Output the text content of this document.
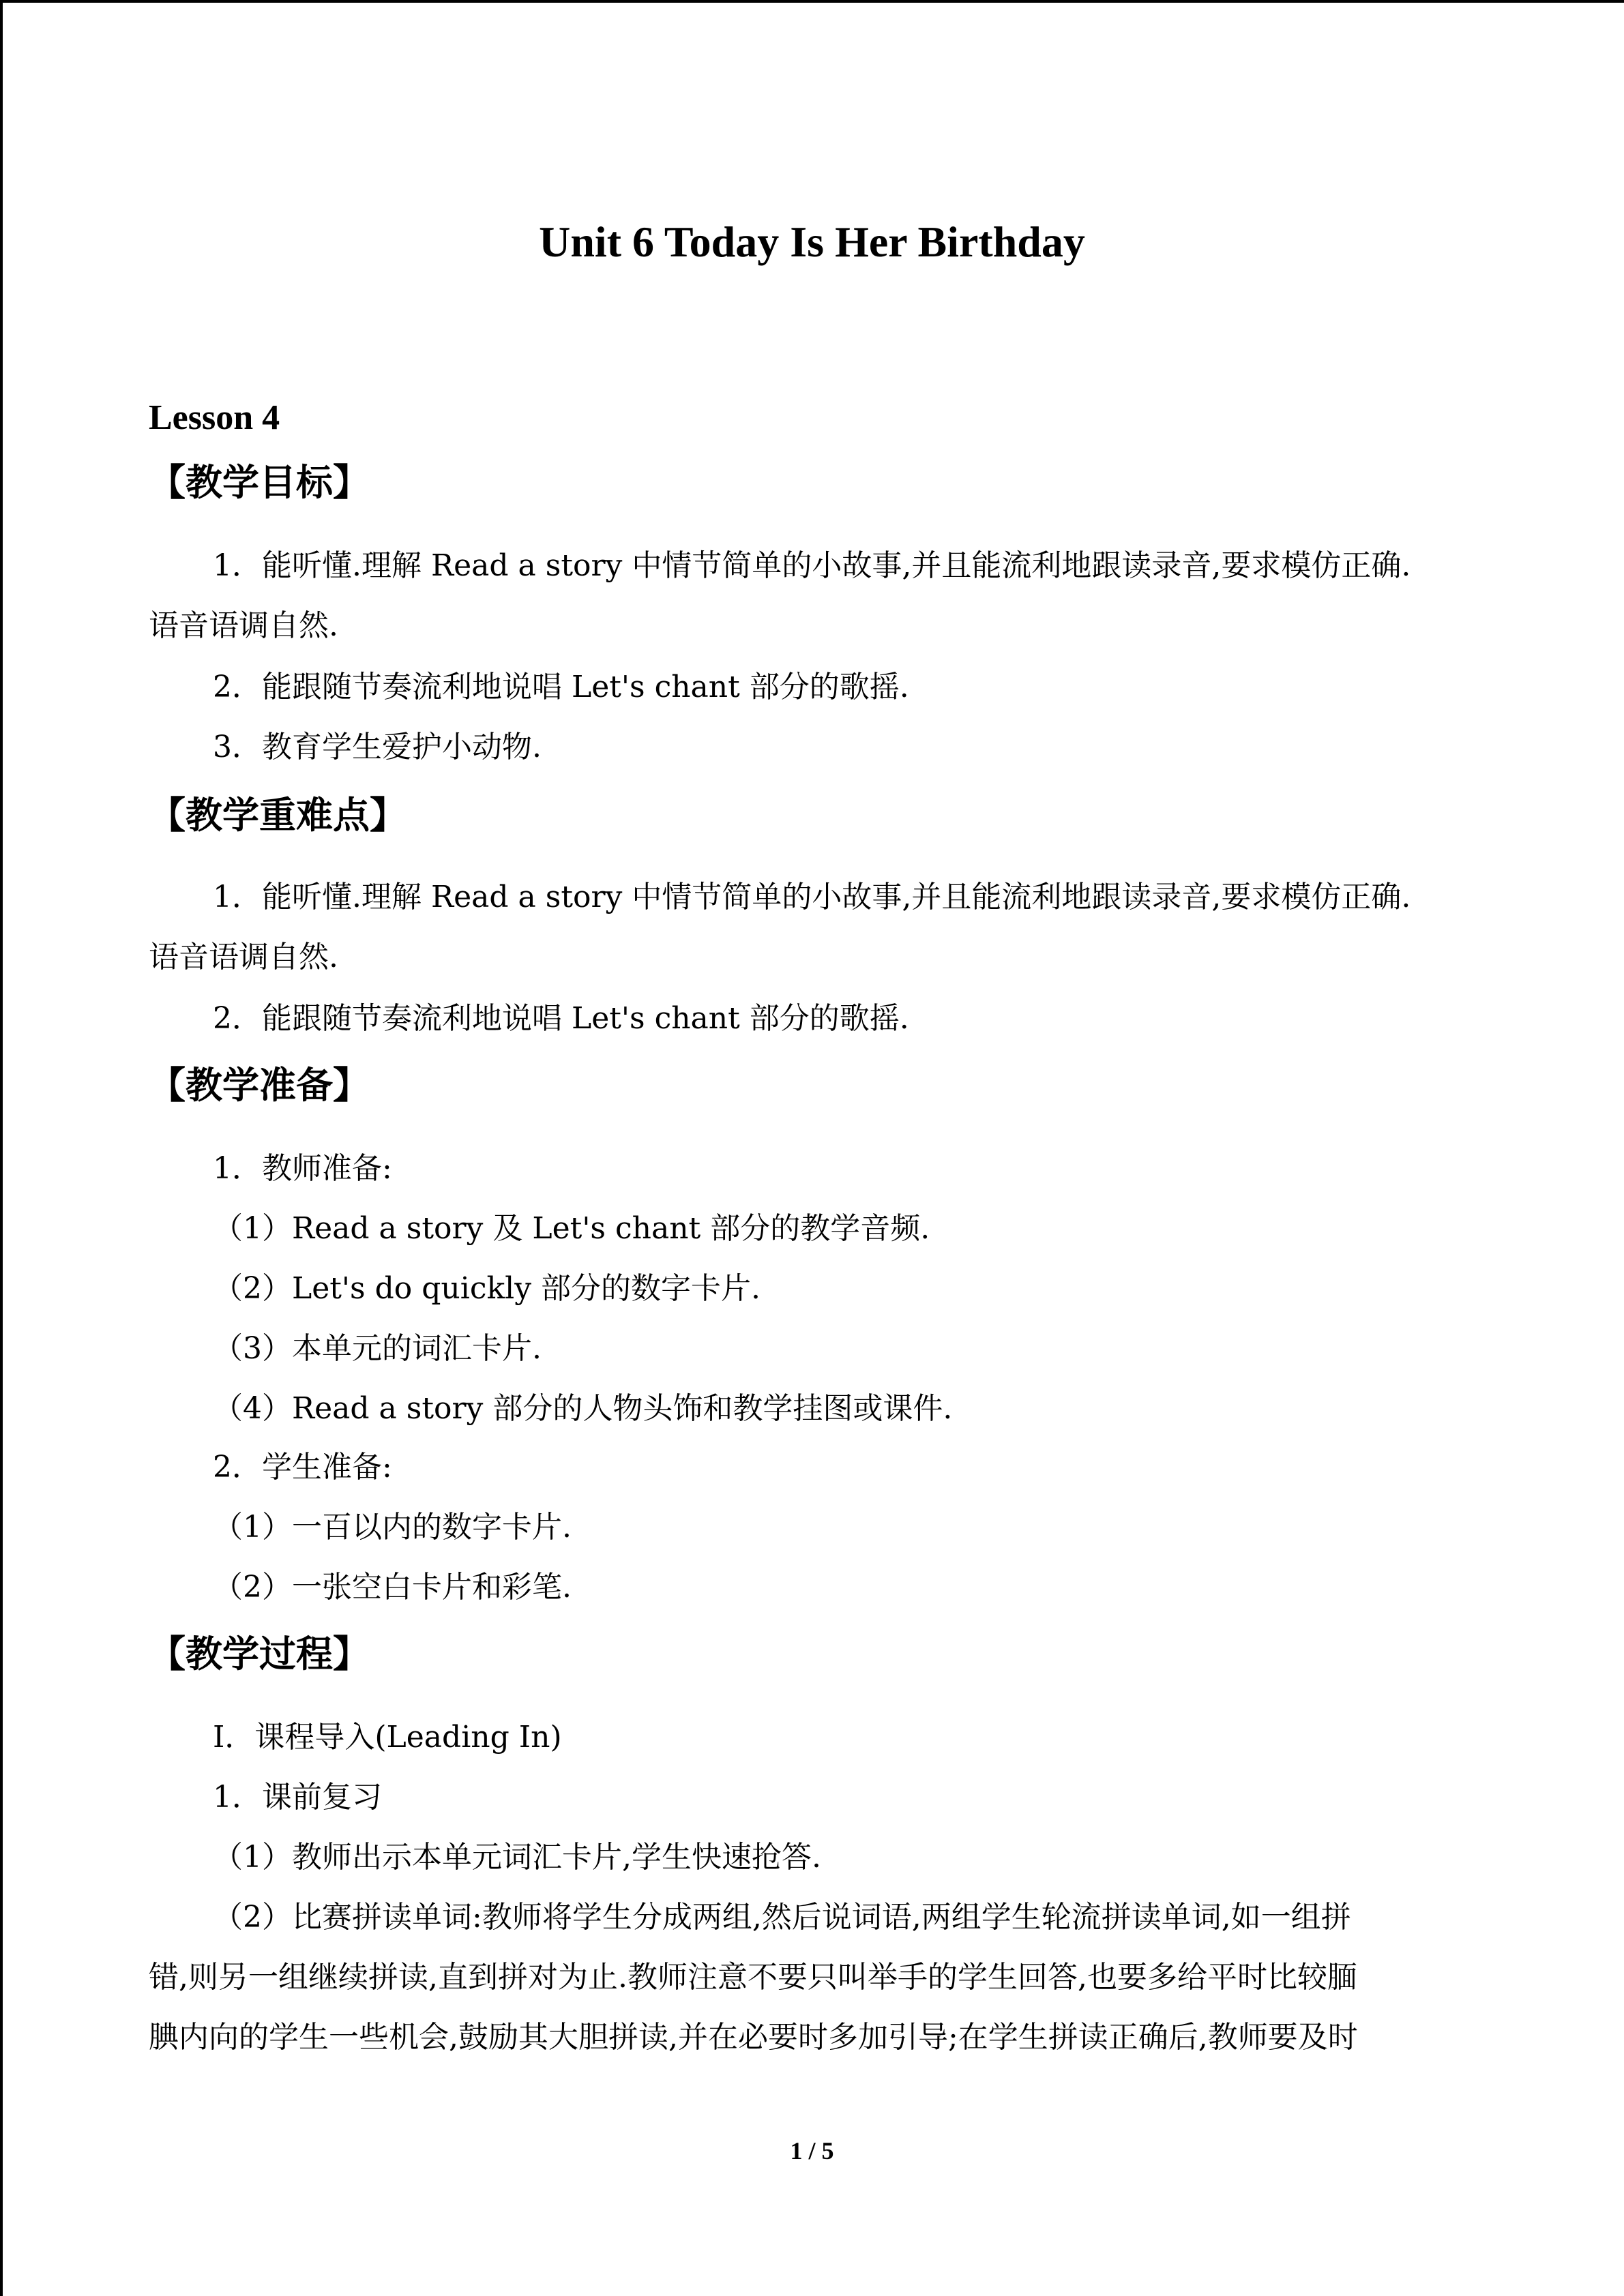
Unit 6 Today Is Her Birthday
Lesson 4
【教学目标】
1．能听懂.理解 Read a story 中情节简单的小故事,并且能流利地跟读录音,要求模仿正确.
语音语调自然.
2．能跟随节奏流利地说唱 Let's chant 部分的歌摇.
3．教育学生爱护小动物.
【教学重难点】
1．能听懂.理解 Read a story 中情节简单的小故事,并且能流利地跟读录音,要求模仿正确.
语音语调自然.
2．能跟随节奏流利地说唱 Let's chant 部分的歌摇.
【教学准备】
1．教师准备:
（1）Read a story 及 Let's chant 部分的教学音频.
（2）Let's do quickly 部分的数字卡片.
（3）本单元的词汇卡片.
（4）Read a story 部分的人物头饰和教学挂图或课件.
2．学生准备:
（1）一百以内的数字卡片.
（2）一张空白卡片和彩笔.
【教学过程】
Ⅰ．课程导入(Leading In)
1．课前复习
（1）教师出示本单元词汇卡片,学生快速抢答.
（2）比赛拼读单词:教师将学生分成两组,然后说词语,两组学生轮流拼读单词,如一组拼
错,则另一组继续拼读,直到拼对为止.教师注意不要只叫举手的学生回答,也要多给平时比较腼
腆内向的学生一些机会,鼓励其大胆拼读,并在必要时多加引导;在学生拼读正确后,教师要及时
1 / 5
